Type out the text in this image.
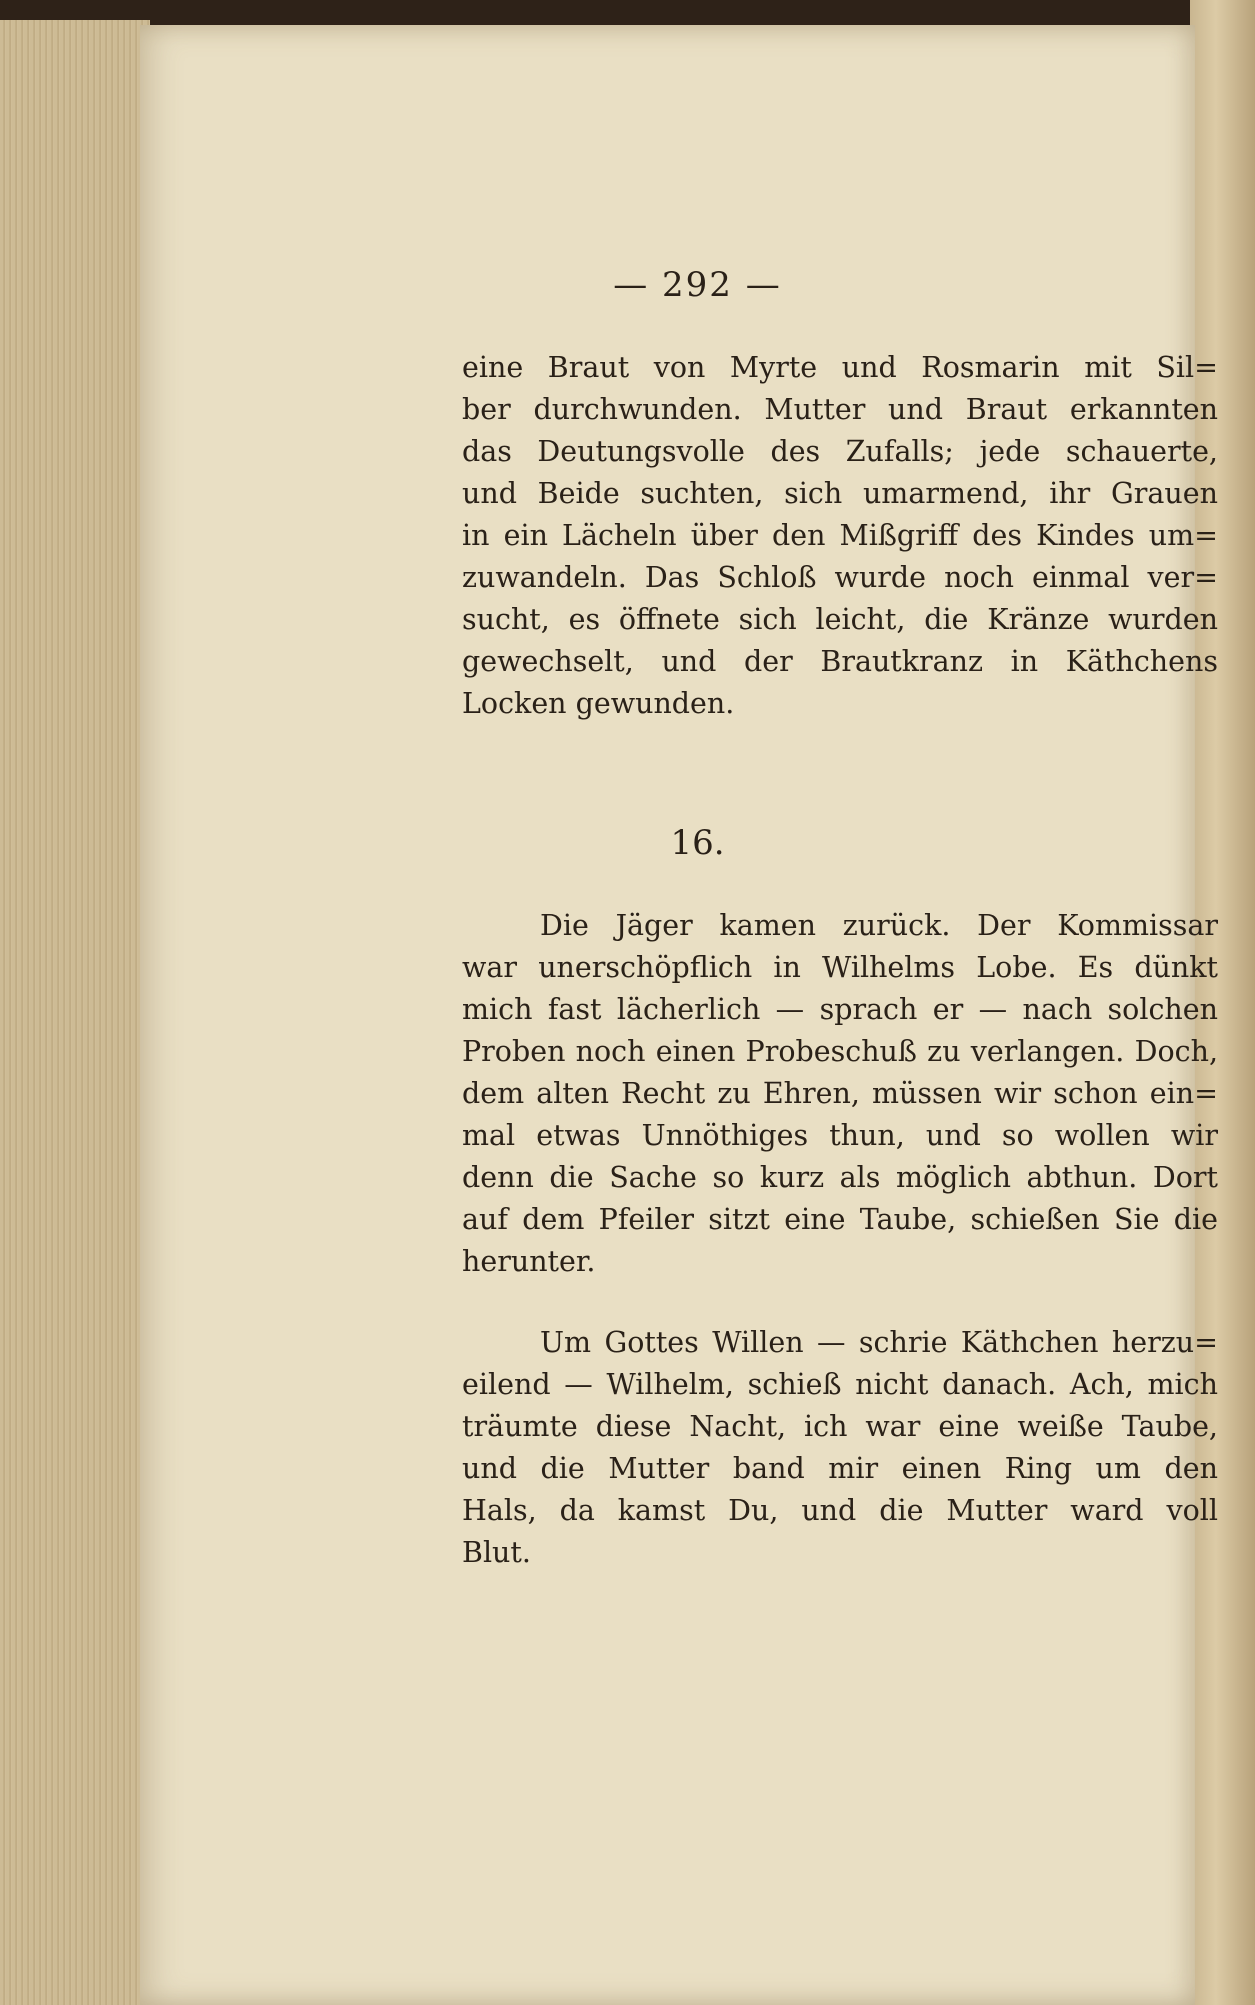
— 292 —
eine Braut von Myrte und Rosmarin mit Sil=
ber durchwunden. Mutter und Braut erkannten
das Deutungsvolle des Zufalls; jede schauerte,
und Beide suchten, sich umarmend, ihr Grauen
in ein Lächeln über den Mißgriff des Kindes um=
zuwandeln. Das Schloß wurde noch einmal ver=
sucht, es öffnete sich leicht, die Kränze wurden
gewechselt, und der Brautkranz in Käthchens
Locken gewunden.
16.
Die Jäger kamen zurück. Der Kommissar
war unerschöpflich in Wilhelms Lobe. Es dünkt
mich fast lächerlich — sprach er — nach solchen
Proben noch einen Probeschuß zu verlangen. Doch,
dem alten Recht zu Ehren, müssen wir schon ein=
mal etwas Unnöthiges thun, und so wollen wir
denn die Sache so kurz als möglich abthun. Dort
auf dem Pfeiler sitzt eine Taube, schießen Sie die
herunter.
Um Gottes Willen — schrie Käthchen herzu=
eilend — Wilhelm, schieß nicht danach. Ach, mich
träumte diese Nacht, ich war eine weiße Taube,
und die Mutter band mir einen Ring um den
Hals, da kamst Du, und die Mutter ward voll
Blut.
